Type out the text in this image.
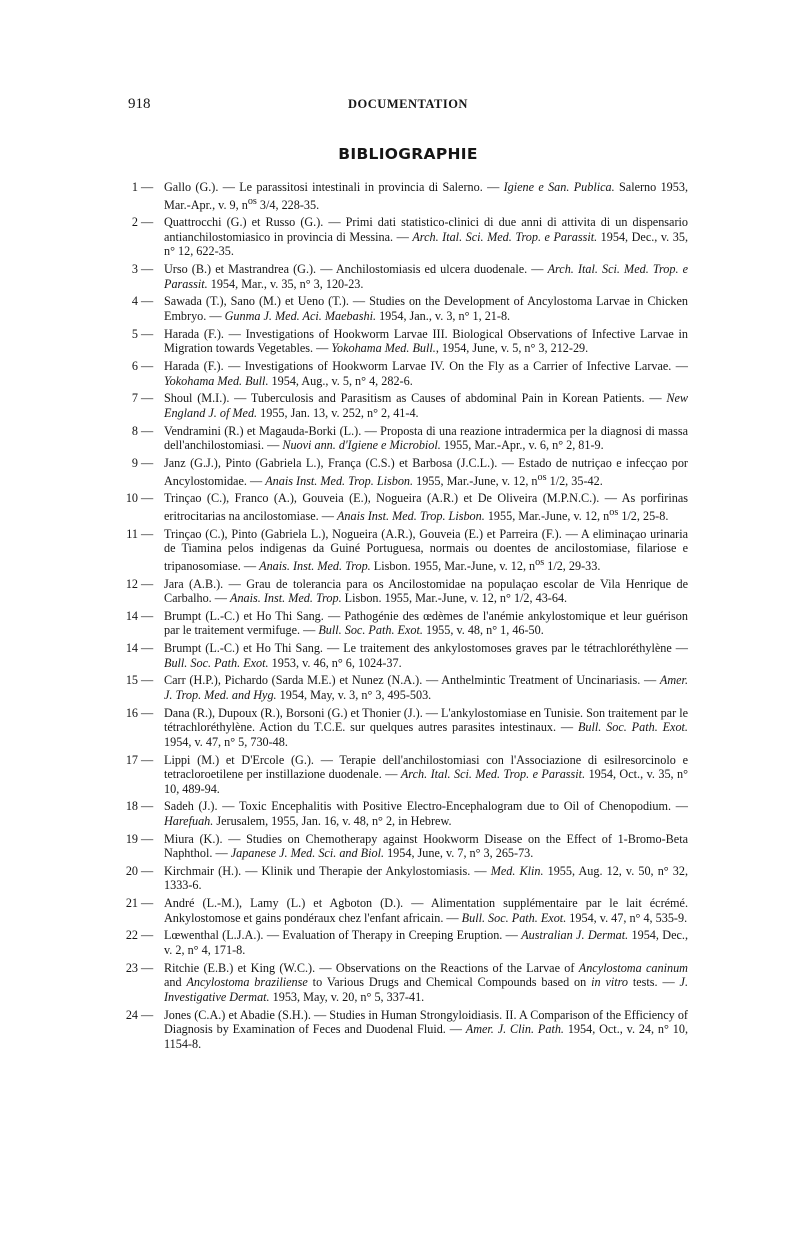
918	DOCUMENTATION
BIBLIOGRAPHIE
1 — Gallo (G.). — Le parassitosi intestinali in provincia di Salerno. — Igiene e San. Publica. Salerno 1953, Mar.-Apr., v. 9, $n^{os}$ 3/4, 228-35.
2 — Quattrocchi (G.) et Russo (G.). — Primi dati statistico-clinici di due anni di attivita di un dispensario antianchilostomiasico in provincia di Messina. — Arch. Ital. Sci. Med. Trop. e Parassit. 1954, Dec., v. 35, n° 12, 622-35.
3 — Urso (B.) et Mastrandrea (G.). — Anchilostomiasis ed ulcera duodenale. — Arch. Ital. Sci. Med. Trop. e Parassit. 1954, Mar., v. 35, n° 3, 120-23.
4 — Sawada (T.), Sano (M.) et Ueno (T.). — Studies on the Development of Ancylostoma Larvae in Chicken Embryo. — Gunma J. Med. Aci. Maebashi. 1954, Jan., v. 3, n° 1, 21-8.
5 — Harada (F.). — Investigations of Hookworm Larvae III. Biological Observations of Infective Larvae in Migration towards Vegetables. — Yokohama Med. Bull., 1954, June, v. 5, n° 3, 212-29.
6 — Harada (F.). — Investigations of Hookworm Larvae IV. On the Fly as a Carrier of Infective Larvae. — Yokohama Med. Bull. 1954, Aug., v. 5, n° 4, 282-6.
7 — Shoul (M.I.). — Tuberculosis and Parasitism as Causes of abdominal Pain in Korean Patients. — New England J. of Med. 1955, Jan. 13, v. 252, n° 2, 41-4.
8 — Vendramini (R.) et Magauda-Borki (L.). — Proposta di una reazione intradermica per la diagnosi di massa dell'anchilostomiasi. — Nuovi ann. d'Igiene e Microbiol. 1955, Mar.-Apr., v. 6, n° 2, 81-9.
9 — Janz (G.J.), Pinto (Gabriela L.), França (C.S.) et Barbosa (J.C.L.). — Estado de nutriçao e infecçao por Ancylostomidae. — Anais Inst. Med. Trop. Lisbon. 1955, Mar.-June, v. 12, $n^{os}$ 1/2, 35-42.
10 — Trinçao (C.), Franco (A.), Gouveia (E.), Nogueira (A.R.) et De Oliveira (M.P.N.C.). — As porfirinas eritrocitarias na ancilostomiase. — Anais Inst. Med. Trop. Lisbon. 1955, Mar.-June, v. 12, $n^{os}$ 1/2, 25-8.
11 — Trinçao (C.), Pinto (Gabriela L.), Nogueira (A.R.), Gouveia (E.) et Parreira (F.). — A eliminaçao urinaria de Tiamina pelos indigenas da Guiné Portuguesa, normais ou doentes de ancilostomiase, filariose e tripanosomiase. — Anais. Inst. Med. Trop. Lisbon. 1955, Mar.-June, v. 12, $n^{os}$ 1/2, 29-33.
12 — Jara (A.B.). — Grau de tolerancia para os Ancilostomidae na populaçao escolar de Vila Henrique de Carbalho. — Anais. Inst. Med. Trop. Lisbon. 1955, Mar.-June, v. 12, n° 1/2, 43-64.
14 — Brumpt (L.-C.) et Ho Thi Sang. — Pathogénie des œdèmes de l'anémie ankylostomique et leur guérison par le traitement vermifuge. — Bull. Soc. Path. Exot. 1955, v. 48, n° 1, 46-50.
14 — Brumpt (L.-C.) et Ho Thi Sang. — Le traitement des ankylostomoses graves par le tétrachloréthylène — Bull. Soc. Path. Exot. 1953, v. 46, n° 6, 1024-37.
15 — Carr (H.P.), Pichardo (Sarda M.E.) et Nunez (N.A.). — Anthelmintic Treatment of Uncinariasis. — Amer. J. Trop. Med. and Hyg. 1954, May, v. 3, n° 3, 495-503.
16 — Dana (R.), Dupoux (R.), Borsoni (G.) et Thonier (J.). — L'ankylostomiase en Tunisie. Son traitement par le tétrachloréthylène. Action du T.C.E. sur quelques autres parasites intestinaux. — Bull. Soc. Path. Exot. 1954, v. 47, n° 5, 730-48.
17 — Lippi (M.) et D'Ercole (G.). — Terapie dell'anchilostomiasi con l'Associazione di esilresorcinolo e tetracloroetilene per instillazione duodenale. — Arch. Ital. Sci. Med. Trop. e Parassit. 1954, Oct., v. 35, n° 10, 489-94.
18 — Sadeh (J.). — Toxic Encephalitis with Positive Electro-Encephalogram due to Oil of Chenopodium. — Harefuah. Jerusalem, 1955, Jan. 16, v. 48, n° 2, in Hebrew.
19 — Miura (K.). — Studies on Chemotherapy against Hookworm Disease on the Effect of 1-Bromo-Beta Naphthol. — Japanese J. Med. Sci. and Biol. 1954, June, v. 7, n° 3, 265-73.
20 — Kirchmair (H.). — Klinik und Therapie der Ankylostomiasis. — Med. Klin. 1955, Aug. 12, v. 50, n° 32, 1333-6.
21 — André (L.-M.), Lamy (L.) et Agboton (D.). — Alimentation supplémentaire par le lait écrémé. Ankylostomose et gains pondéraux chez l'enfant africain. — Bull. Soc. Path. Exot. 1954, v. 47, n° 4, 535-9.
22 — Lœwenthal (L.J.A.). — Evaluation of Therapy in Creeping Eruption. — Australian J. Dermat. 1954, Dec., v. 2, n° 4, 171-8.
23 — Ritchie (E.B.) et King (W.C.). — Observations on the Reactions of the Larvae of Ancylostoma caninum and Ancylostoma braziliense to Various Drugs and Chemical Compounds based on in vitro tests. — J. Investigative Dermat. 1953, May, v. 20, n° 5, 337-41.
24 — Jones (C.A.) et Abadie (S.H.). — Studies in Human Strongyloidiasis. II. A Comparison of the Efficiency of Diagnosis by Examination of Feces and Duodenal Fluid. — Amer. J. Clin. Path. 1954, Oct., v. 24, n° 10, 1154-8.
